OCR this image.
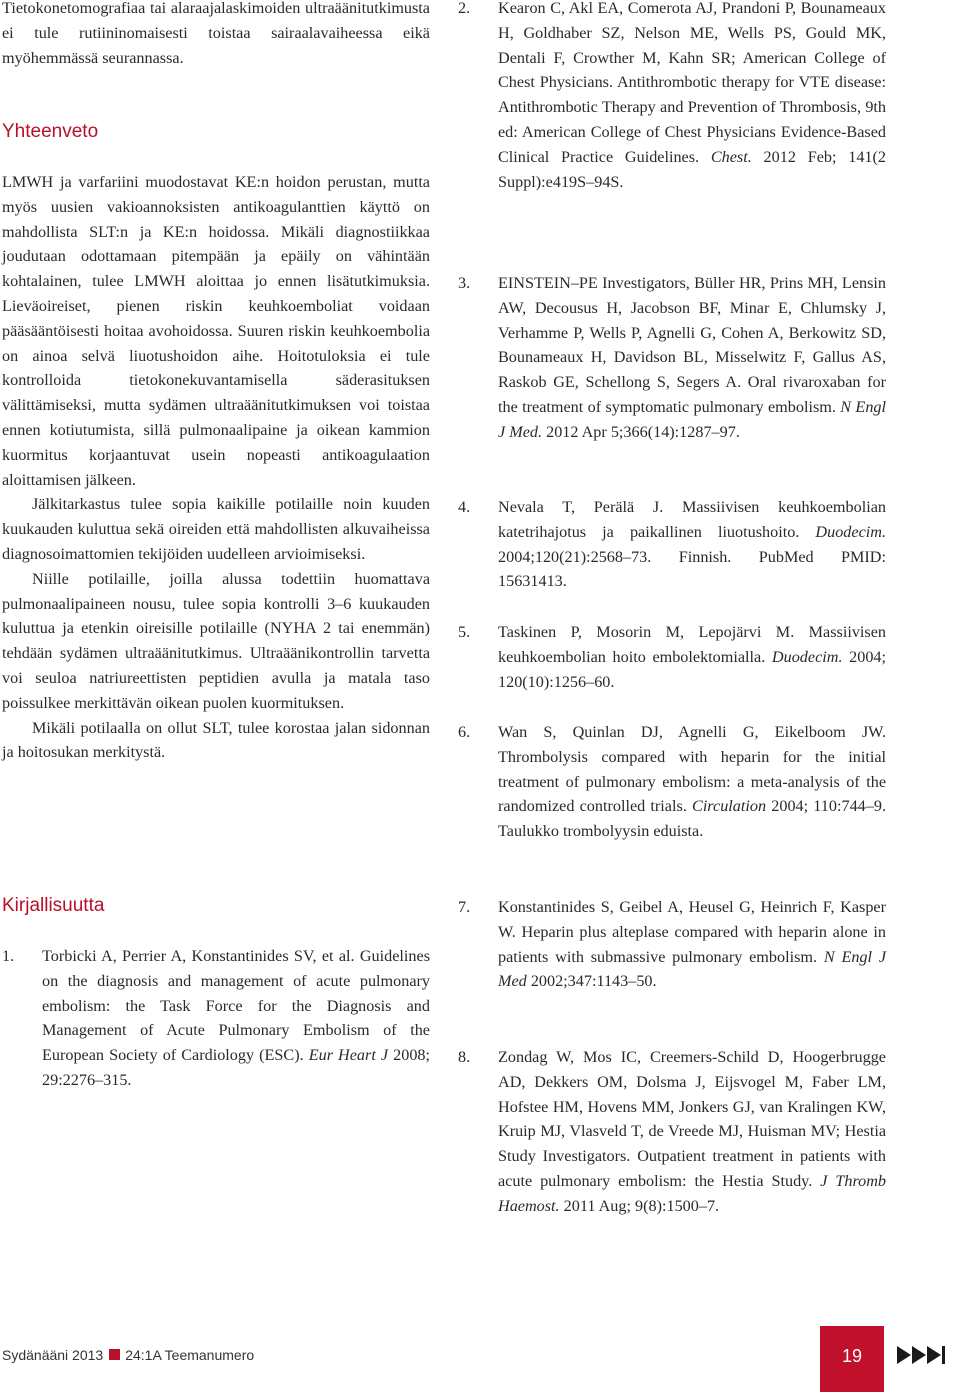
Tietokonetomografiaa tai alaraajalaskimoiden ultraäänitutkimusta ei tule rutiininomaisesti toistaa sairaalavaiheessa eikä myöhemmässä seurannassa.

Yhteenveto

LMWH ja varfariini muodostavat KE:n hoidon perustan, mutta myös uusien vakioannoksisten antikoagulanttien käyttö on mahdollista SLT:n ja KE:n hoidossa. Mikäli diagnostiikkaa joudutaan odottamaan pitempään ja epäily on vähintään kohtalainen, tulee LMWH aloittaa jo ennen lisätutkimuksia. Lieväoireiset, pienen riskin keuhkoemboliat voidaan pääsääntöisesti hoitaa avohoidossa. Suuren riskin keuhkoembolia on ainoa selvä liuotushoidon aihe. Hoitotuloksia ei tule kontrolloida tietokonekuvantamisella säderasituksen välittämiseksi, mutta sydämen ultraäänitutkimuksen voi toistaa ennen kotiutumista, sillä pulmonaalipaine ja oikean kammion kuormitus korjaantuvat usein nopeasti antikoagulaation aloittamisen jälkeen.

Jälkitarkastus tulee sopia kaikille potilaille noin kuuden kuukauden kuluttua sekä oireiden että mahdollisten alkuvaiheissa diagnosoimattomien tekijöiden uudelleen arvioimiseksi.

Niille potilaille, joilla alussa todettiin huomattava pulmonaalipaineen nousu, tulee sopia kontrolli 3–6 kuukauden kuluttua ja etenkin oireisille potilaille (NYHA 2 tai enemmän) tehdään sydämen ultraäänitutkimus. Ultraäänikontrollin tarvetta voi seuloa natriureettisten peptidien avulla ja matala taso poissulkee merkittävän oikean puolen kuormituksen.

Mikäli potilaalla on ollut SLT, tulee korostaa jalan sidonnan ja hoitosukan merkitystä.

Kirjallisuutta
1. Torbicki A, Perrier A, Konstantinides SV, et al. Guidelines on the diagnosis and management of acute pulmonary embolism: the Task Force for the Diagnosis and Management of Acute Pulmonary Embolism of the European Society of Cardiology (ESC). Eur Heart J 2008; 29:2276–315.
2. Kearon C, Akl EA, Comerota AJ, Prandoni P, Bounameaux H, Goldhaber SZ, Nelson ME, Wells PS, Gould MK, Dentali F, Crowther M, Kahn SR; American College of Chest Physicians. Antithrombotic therapy for VTE disease: Antithrombotic Therapy and Prevention of Thrombosis, 9th ed: American College of Chest Physicians Evidence-Based Clinical Practice Guidelines. Chest. 2012 Feb; 141(2 Suppl):e419S–94S.
3. EINSTEIN–PE Investigators, Büller HR, Prins MH, Lensin AW, Decousus H, Jacobson BF, Minar E, Chlumsky J, Verhamme P, Wells P, Agnelli G, Cohen A, Berkowitz SD, Bounameaux H, Davidson BL, Misselwitz F, Gallus AS, Raskob GE, Schellong S, Segers A. Oral rivaroxaban for the treatment of symptomatic pulmonary embolism. N Engl J Med. 2012 Apr 5;366(14):1287–97.
4. Nevala T, Perälä J. Massiivisen keuhkoembolian katetrihajotus ja paikallinen liuotushoito. Duodecim. 2004;120(21):2568–73. Finnish. PubMed PMID: 15631413.
5. Taskinen P, Mosorin M, Lepojärvi M. Massiivisen keuhkoembolian hoito embolektomialla. Duodecim. 2004; 120(10):1256–60.
6. Wan S, Quinlan DJ, Agnelli G, Eikelboom JW. Thrombolysis compared with heparin for the initial treatment of pulmonary embolism: a meta-analysis of the randomized controlled trials. Circulation 2004; 110:744–9. Taulukko trombolyysin eduista.
7. Konstantinides S, Geibel A, Heusel G, Heinrich F, Kasper W. Heparin plus alteplase compared with heparin alone in patients with submassive pulmonary embolism. N Engl J Med 2002;347:1143–50.
8. Zondag W, Mos IC, Creemers-Schild D, Hoogerbrugge AD, Dekkers OM, Dolsma J, Eijsvogel M, Faber LM, Hofstee HM, Hovens MM, Jonkers GJ, van Kralingen KW, Kruip MJ, Vlasveld T, de Vreede MJ, Huisman MV; Hestia Study Investigators. Outpatient treatment in patients with acute pulmonary embolism: the Hestia Study. J Thromb Haemost. 2011 Aug; 9(8):1500–7.
Sydänääni 2013 24:1A Teemanumero	19
